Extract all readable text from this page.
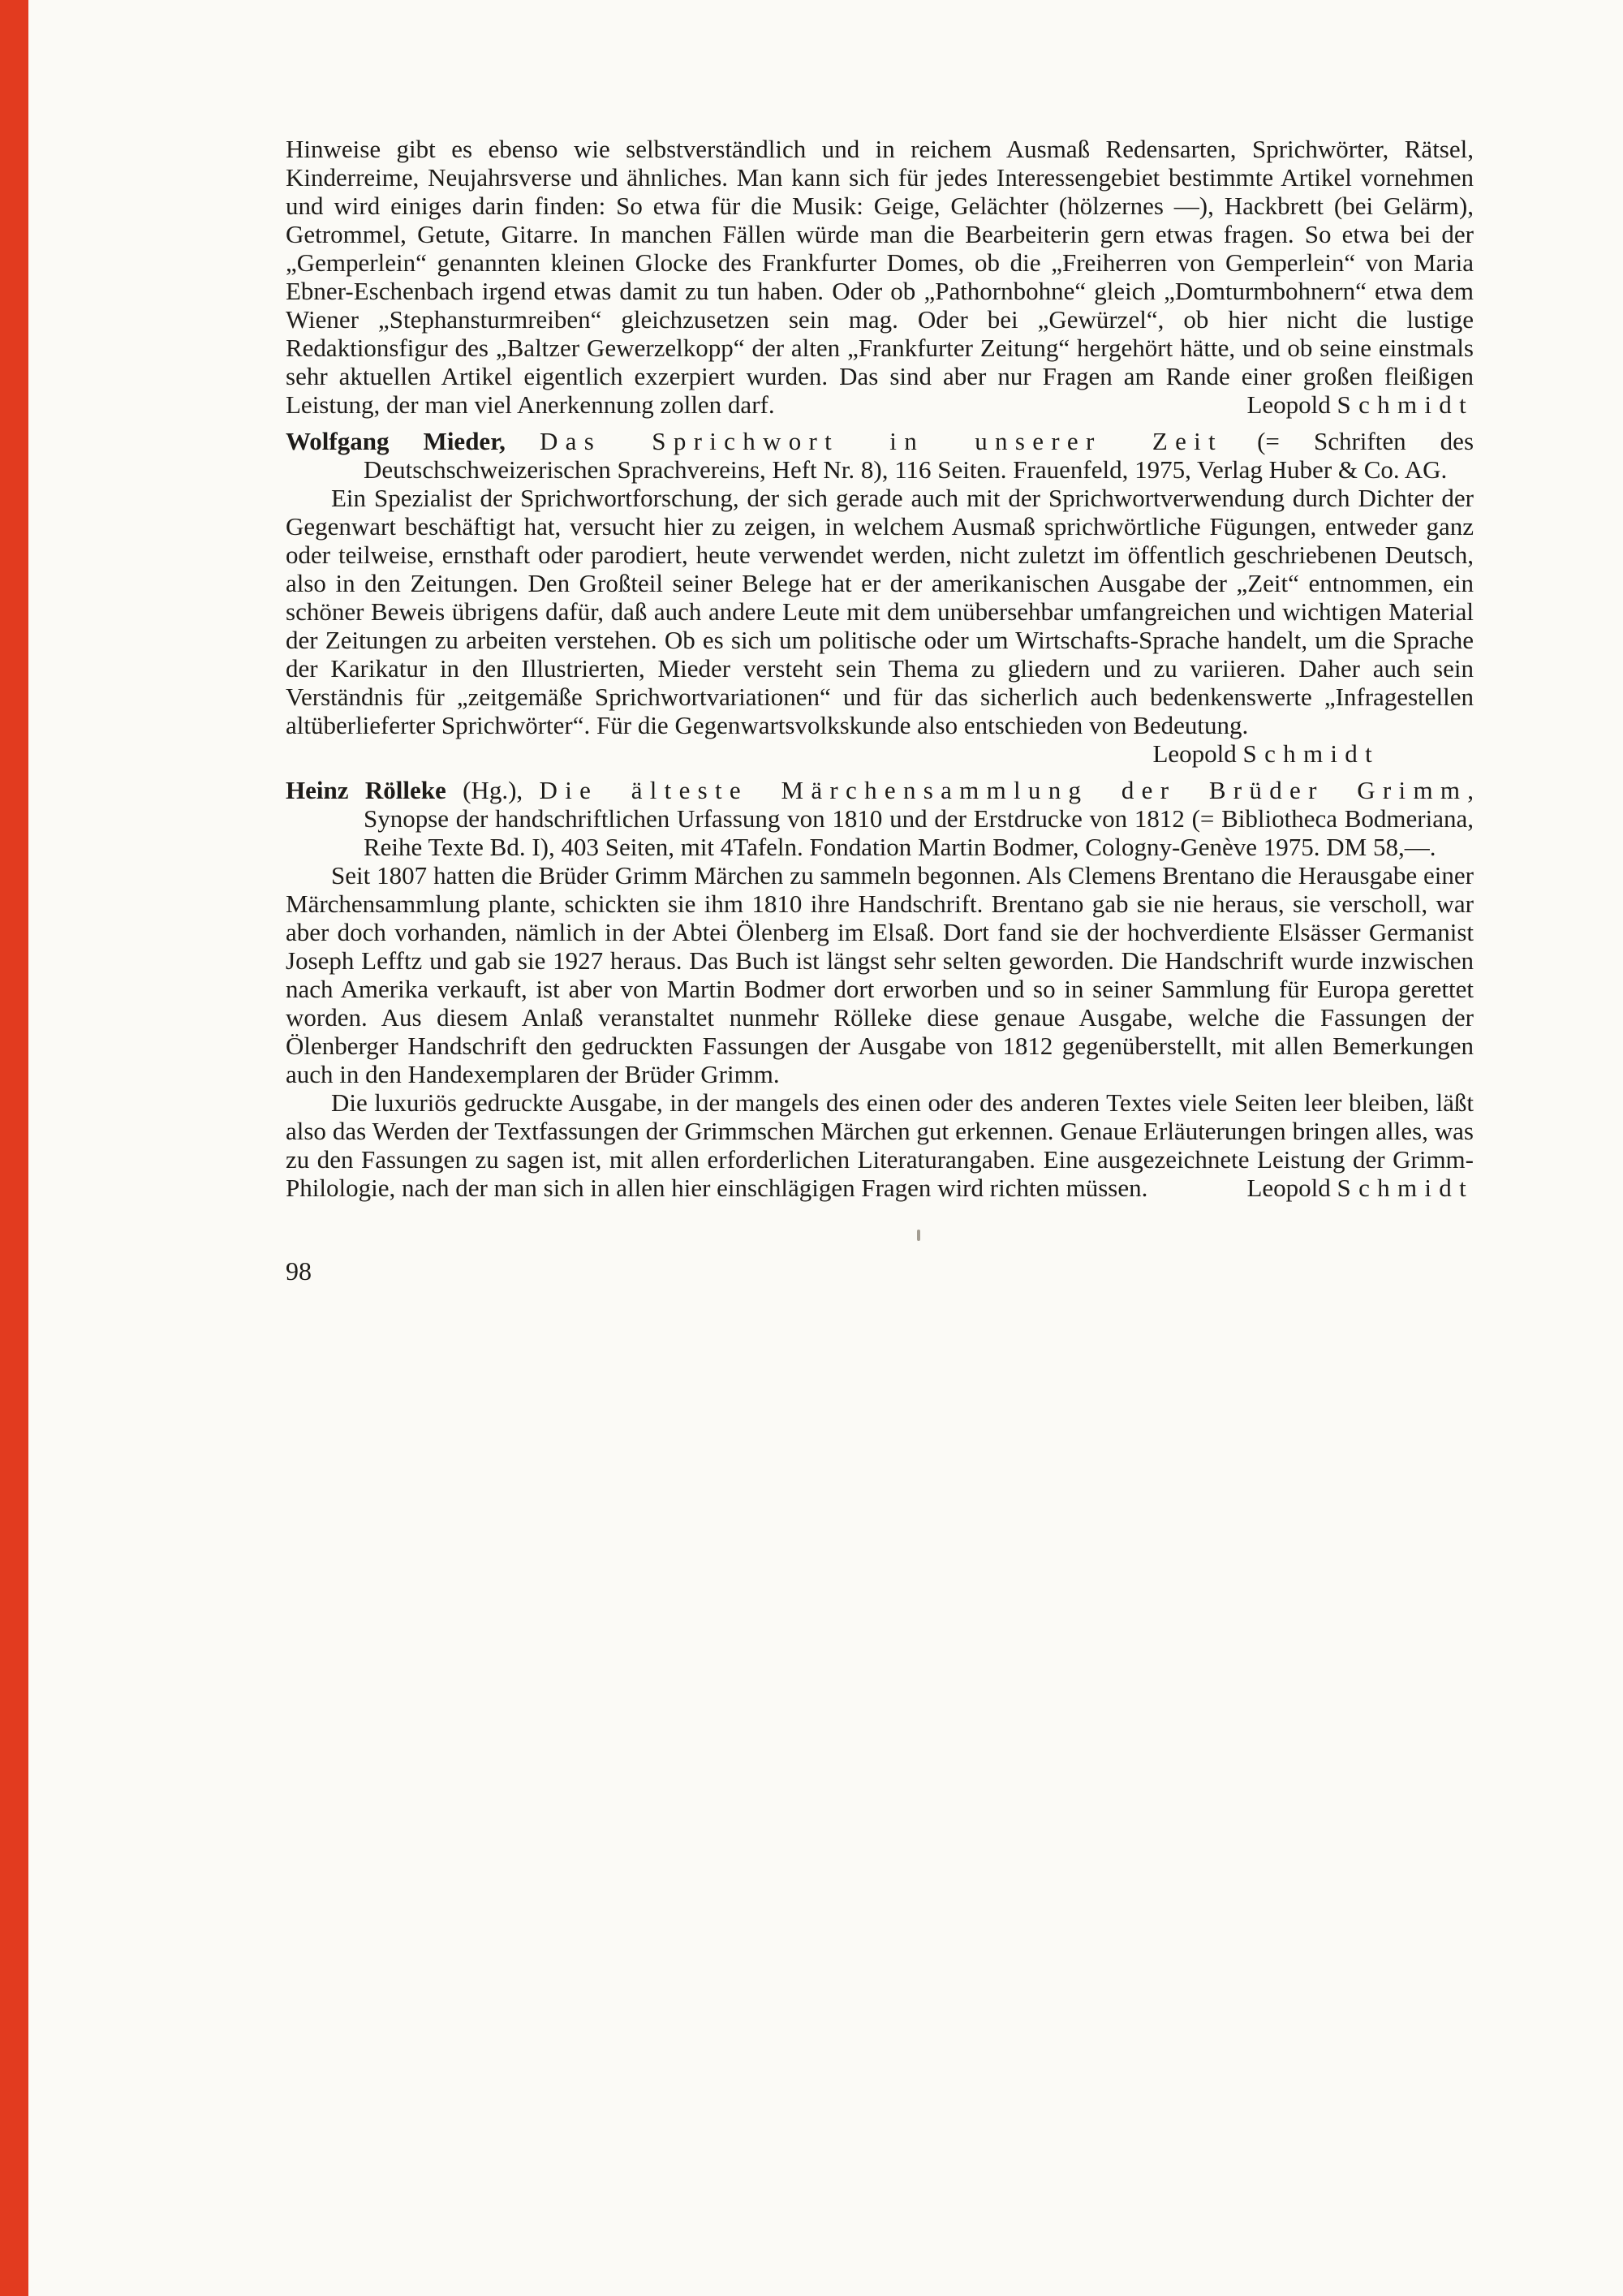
Hinweise gibt es ebenso wie selbstverständlich und in reichem Ausmaß Redensarten, Sprichwörter, Rätsel, Kinderreime, Neujahrsverse und ähnliches. Man kann sich für jedes Interessengebiet bestimmte Artikel vornehmen und wird einiges darin finden: So etwa für die Musik: Geige, Gelächter (hölzernes —), Hackbrett (bei Gelärm), Getrommel, Getute, Gitarre. In manchen Fällen würde man die Bearbeiterin gern etwas fragen. So etwa bei der „Gemperlein“ genannten kleinen Glocke des Frankfurter Domes, ob die „Freiherren von Gemperlein“ von Maria Ebner-Eschenbach irgend etwas damit zu tun haben. Oder ob „Pathornbohne“ gleich „Domturmbohnern“ etwa dem Wiener „Stephansturmreiben“ gleichzusetzen sein mag. Oder bei „Gewürzel“, ob hier nicht die lustige Redaktionsfigur des „Baltzer Gewerzelkopp“ der alten „Frankfurter Zeitung“ hergehört hätte, und ob seine einstmals sehr aktuellen Artikel eigentlich exzerpiert wurden. Das sind aber nur Fragen am Rande einer großen fleißigen Leistung, der man viel Anerkennung zollen darf.	Leopold Schmidt

Wolfgang Mieder, Das Sprichwort in unserer Zeit (= Schriften des Deutschschweizerischen Sprachvereins, Heft Nr. 8), 116 Seiten. Frauenfeld, 1975, Verlag Huber & Co. AG.

Ein Spezialist der Sprichwortforschung, der sich gerade auch mit der Sprichwortverwendung durch Dichter der Gegenwart beschäftigt hat, versucht hier zu zeigen, in welchem Ausmaß sprichwörtliche Fügungen, entweder ganz oder teilweise, ernsthaft oder parodiert, heute verwendet werden, nicht zuletzt im öffentlich geschriebenen Deutsch, also in den Zeitungen. Den Großteil seiner Belege hat er der amerikanischen Ausgabe der „Zeit“ entnommen, ein schöner Beweis übrigens dafür, daß auch andere Leute mit dem unübersehbar umfangreichen und wichtigen Material der Zeitungen zu arbeiten verstehen. Ob es sich um politische oder um Wirtschafts-Sprache handelt, um die Sprache der Karikatur in den Illustrierten, Mieder versteht sein Thema zu gliedern und zu variieren. Daher auch sein Verständnis für „zeitgemäße Sprichwortvariationen“ und für das sicherlich auch bedenkenswerte „Infragestellen altüberlieferter Sprichwörter“. Für die Gegenwartsvolkskunde also entschieden von Bedeutung.

Leopold Schmidt

Heinz Rölleke (Hg.), Die älteste Märchensammlung der Brüder Grimm, Synopse der handschriftlichen Urfassung von 1810 und der Erstdrucke von 1812 (= Bibliotheca Bodmeriana, Reihe Texte Bd. I), 403 Seiten, mit 4Tafeln. Fondation Martin Bodmer, Cologny-Genève 1975. DM 58,—.

Seit 1807 hatten die Brüder Grimm Märchen zu sammeln begonnen. Als Clemens Brentano die Herausgabe einer Märchensammlung plante, schickten sie ihm 1810 ihre Handschrift. Brentano gab sie nie heraus, sie verscholl, war aber doch vorhanden, nämlich in der Abtei Ölenberg im Elsaß. Dort fand sie der hochverdiente Elsässer Germanist Joseph Lefftz und gab sie 1927 heraus. Das Buch ist längst sehr selten geworden. Die Handschrift wurde inzwischen nach Amerika verkauft, ist aber von Martin Bodmer dort erworben und so in seiner Sammlung für Europa gerettet worden. Aus diesem Anlaß veranstaltet nunmehr Rölleke diese genaue Ausgabe, welche die Fassungen der Ölenberger Handschrift den gedruckten Fassungen der Ausgabe von 1812 gegenüberstellt, mit allen Bemerkungen auch in den Handexemplaren der Brüder Grimm.

Die luxuriös gedruckte Ausgabe, in der mangels des einen oder des anderen Textes viele Seiten leer bleiben, läßt also das Werden der Textfassungen der Grimmschen Märchen gut erkennen. Genaue Erläuterungen bringen alles, was zu den Fassungen zu sagen ist, mit allen erforderlichen Literaturangaben. Eine ausgezeichnete Leistung der Grimm-Philologie, nach der man sich in allen hier einschlägigen Fragen wird richten müssen.	Leopold Schmidt

98
